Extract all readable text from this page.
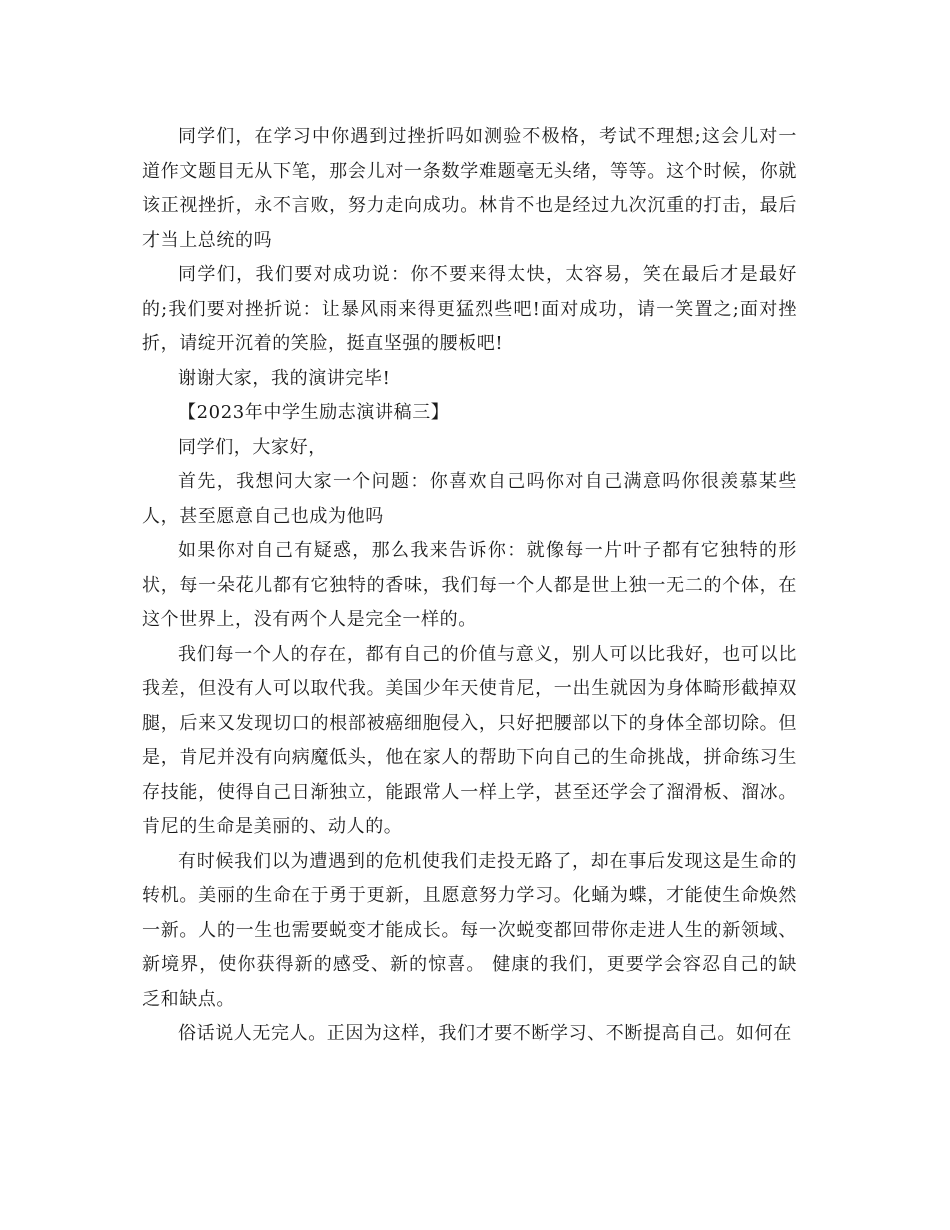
同学们，在学习中你遇到过挫折吗如测验不极格，考试不理想;这会儿对一道作文题目无从下笔，那会儿对一条数学难题毫无头绪，等等。这个时候，你就该正视挫折，永不言败，努力走向成功。林肯不也是经过九次沉重的打击，最后才当上总统的吗

同学们，我们要对成功说：你不要来得太快，太容易，笑在最后才是最好的;我们要对挫折说：让暴风雨来得更猛烈些吧!面对成功，请一笑置之;面对挫折，请绽开沉着的笑脸，挺直坚强的腰板吧!

谢谢大家，我的演讲完毕!

【2023年中学生励志演讲稿三】

同学们，大家好，

首先，我想问大家一个问题：你喜欢自己吗你对自己满意吗你很羡慕某些人，甚至愿意自己也成为他吗

如果你对自己有疑惑，那么我来告诉你：就像每一片叶子都有它独特的形状，每一朵花儿都有它独特的香味，我们每一个人都是世上独一无二的个体，在这个世界上，没有两个人是完全一样的。

我们每一个人的存在，都有自己的价值与意义，别人可以比我好，也可以比我差，但没有人可以取代我。美国少年天使肯尼，一出生就因为身体畸形截掉双腿，后来又发现切口的根部被癌细胞侵入，只好把腰部以下的身体全部切除。但是，肯尼并没有向病魔低头，他在家人的帮助下向自己的生命挑战，拼命练习生存技能，使得自己日渐独立，能跟常人一样上学，甚至还学会了溜滑板、溜冰。肯尼的生命是美丽的、动人的。

有时候我们以为遭遇到的危机使我们走投无路了，却在事后发现这是生命的转机。美丽的生命在于勇于更新，且愿意努力学习。化蛹为蝶，才能使生命焕然一新。人的一生也需要蜕变才能成长。每一次蜕变都回带你走进人生的新领域、新境界，使你获得新的感受、新的惊喜。 健康的我们，更要学会容忍自己的缺乏和缺点。

俗话说人无完人。正因为这样，我们才要不断学习、不断提高自己。如何在
